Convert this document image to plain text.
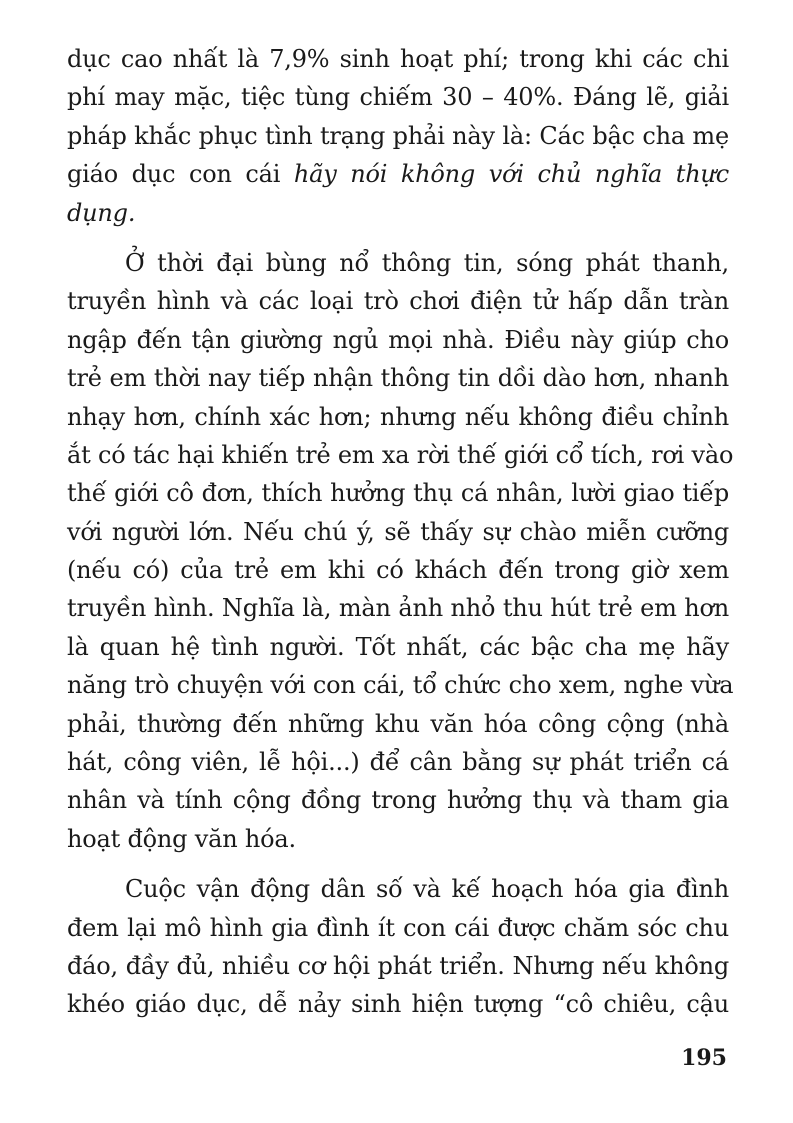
dục cao nhất là 7,9% sinh hoạt phí; trong khi các chi
phí may mặc, tiệc tùng chiếm 30 – 40%. Đáng lẽ, giải
pháp khắc phục tình trạng phải này là: Các bậc cha mẹ
giáo dục con cái hãy nói không với chủ nghĩa thực
dụng.
Ở thời đại bùng nổ thông tin, sóng phát thanh,
truyền hình và các loại trò chơi điện tử hấp dẫn tràn
ngập đến tận giường ngủ mọi nhà. Điều này giúp cho
trẻ em thời nay tiếp nhận thông tin dồi dào hơn, nhanh
nhạy hơn, chính xác hơn; nhưng nếu không điều chỉnh
ắt có tác hại khiến trẻ em xa rời thế giới cổ tích, rơi vào
thế giới cô đơn, thích hưởng thụ cá nhân, lười giao tiếp
với người lớn. Nếu chú ý, sẽ thấy sự chào miễn cưỡng
(nếu có) của trẻ em khi có khách đến trong giờ xem
truyền hình. Nghĩa là, màn ảnh nhỏ thu hút trẻ em hơn
là quan hệ tình người. Tốt nhất, các bậc cha mẹ hãy
năng trò chuyện với con cái, tổ chức cho xem, nghe vừa
phải, thường đến những khu văn hóa công cộng (nhà
hát, công viên, lễ hội...) để cân bằng sự phát triển cá
nhân và tính cộng đồng trong hưởng thụ và tham gia
hoạt động văn hóa.
Cuộc vận động dân số và kế hoạch hóa gia đình
đem lại mô hình gia đình ít con cái được chăm sóc chu
đáo, đầy đủ, nhiều cơ hội phát triển. Nhưng nếu không
khéo giáo dục, dễ nảy sinh hiện tượng “cô chiêu, cậu
195
